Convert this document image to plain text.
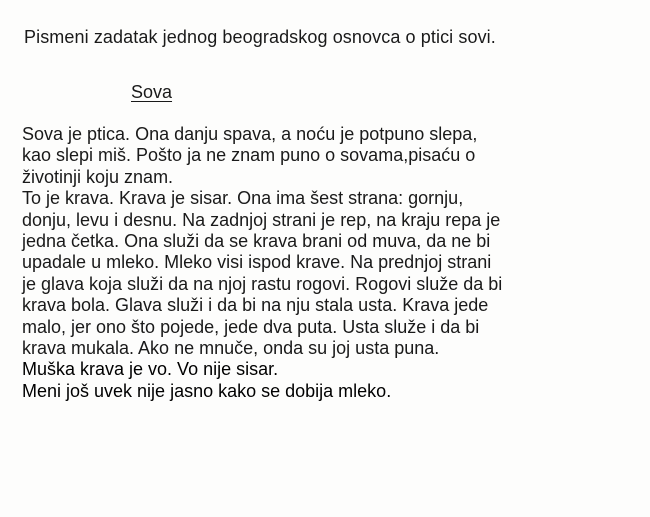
Pismeni zadatak jednog beogradskog osnovca o ptici sovi.
Sova
Sova je ptica. Ona danju spava, a noću je potpuno slepa,
kao slepi miš. Pošto ja ne znam puno o sovama,pisaću o
životinji koju znam.
To je krava. Krava je sisar. Ona ima šest strana: gornju,
donju, levu i desnu. Na zadnjoj strani je rep, na kraju repa je
jedna četka. Ona služi da se krava brani od muva, da ne bi
upadale u mleko. Mleko visi ispod krave. Na prednjoj strani
je glava koja služi da na njoj rastu rogovi. Rogovi služe da bi
krava bola. Glava služi i da bi na nju stala usta. Krava jede
malo, jer ono što pojede, jede dva puta. Usta služe i da bi
krava mukala. Ako ne mnuče, onda su joj usta puna.
Muška krava je vo. Vo nije sisar.
Meni još uvek nije jasno kako se dobija mleko.
